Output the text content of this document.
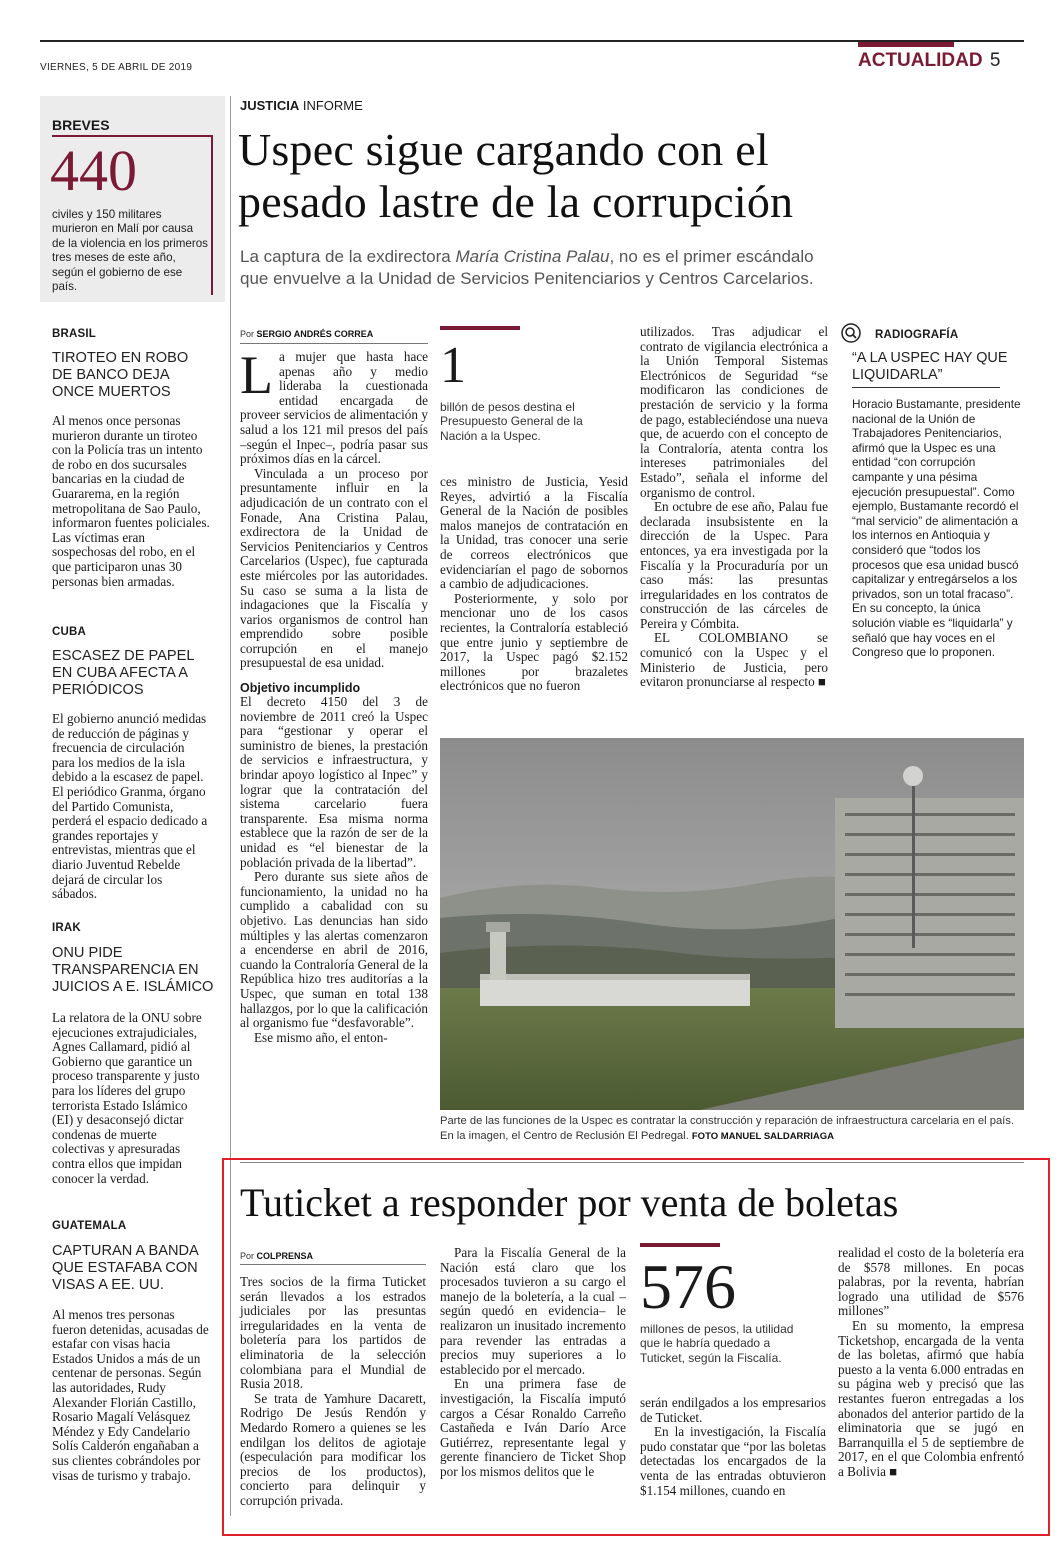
VIERNES, 5 DE ABRIL DE 2019	ACTUALIDAD 5
BREVES
440
civiles y 150 militares murieron en Malí por causa de la violencia en los primeros tres meses de este año, según el gobierno de ese país.
BRASIL
TIROTEO EN ROBO DE BANCO DEJA ONCE MUERTOS
Al menos once personas murieron durante un tiroteo con la Policía tras un intento de robo en dos sucursales bancarias en la ciudad de Guararema, en la región metropolitana de Sao Paulo, informaron fuentes policiales. Las víctimas eran sospechosas del robo, en el que participaron unas 30 personas bien armadas.
CUBA
ESCASEZ DE PAPEL EN CUBA AFECTA A PERIÓDICOS
El gobierno anunció medidas de reducción de páginas y frecuencia de circulación para los medios de la isla debido a la escasez de papel. El periódico Granma, órgano del Partido Comunista, perderá el espacio dedicado a grandes reportajes y entrevistas, mientras que el diario Juventud Rebelde dejará de circular los sábados.
IRAK
ONU PIDE TRANSPARENCIA EN JUICIOS A E. ISLÁMICO
La relatora de la ONU sobre ejecuciones extrajudiciales, Agnes Callamard, pidió al Gobierno que garantice un proceso transparente y justo para los líderes del grupo terrorista Estado Islámico (EI) y desaconsejó dictar condenas de muerte colectivas y apresuradas contra ellos que impidan conocer la verdad.
GUATEMALA
CAPTURAN A BANDA QUE ESTAFABA CON VISAS A EE. UU.
Al menos tres personas fueron detenidas, acusadas de estafar con visas hacia Estados Unidos a más de un centenar de personas. Según las autoridades, Rudy Alexander Florián Castillo, Rosario Magalí Velásquez Méndez y Edy Candelario Solís Calderón engañaban a sus clientes cobrándoles por visas de turismo y trabajo.
JUSTICIA INFORME
Uspec sigue cargando con el
pesado lastre de la corrupción
La captura de la exdirectora María Cristina Palau, no es el primer escándalo
que envuelve a la Unidad de Servicios Penitenciarios y Centros Carcelarios.
Por SERGIO ANDRÉS CORREA
L a mujer que hasta hace apenas año y medio lideraba la cuestionada entidad encargada de proveer servicios de alimentación y salud a los 121 mil presos del país –según el Inpec–, podría pasar sus próximos días en la cárcel.

Vinculada a un proceso por presuntamente influir en la adjudicación de un contrato con el Fonade, Ana Cristina Palau, exdirectora de la Unidad de Servicios Penitenciarios y Centros Carcelarios (Uspec), fue capturada este miércoles por las autoridades. Su caso se suma a la lista de indagaciones que la Fiscalía y varios organismos de control han emprendido sobre posible corrupción en el manejo presupuestal de esa unidad.

Objetivo incumplido

El decreto 4150 del 3 de noviembre de 2011 creó la Uspec para “gestionar y operar el suministro de bienes, la prestación de servicios e infraestructura, y brindar apoyo logístico al Inpec” y lograr que la contratación del sistema carcelario fuera transparente. Esa misma norma establece que la razón de ser de la unidad es “el bienestar de la población privada de la libertad”.

Pero durante sus siete años de funcionamiento, la unidad no ha cumplido a cabalidad con su objetivo. Las denuncias han sido múltiples y las alertas comenzaron a encenderse en abril de 2016, cuando la Contraloría General de la República hizo tres auditorías a la Uspec, que suman en total 138 hallazgos, por lo que la calificación al organismo fue “desfavorable”.

Ese mismo año, el enton-

1
billón de pesos destina el Presupuesto General de la Nación a la Uspec.

ces ministro de Justicia, Yesid Reyes, advirtió a la Fiscalía General de la Nación de posibles malos manejos de contratación en la Unidad, tras conocer una serie de correos electrónicos que evidenciarían el pago de sobornos a cambio de adjudicaciones.

Posteriormente, y solo por mencionar uno de los casos recientes, la Contraloría estableció que entre junio y septiembre de 2017, la Uspec pagó $2.152 millones por brazaletes electrónicos que no fueron

utilizados. Tras adjudicar el contrato de vigilancia electrónica a la Unión Temporal Sistemas Electrónicos de Seguridad “se modificaron las condiciones de prestación de servicio y la forma de pago, estableciéndose una nueva que, de acuerdo con el concepto de la Contraloría, atenta contra los intereses patrimoniales del Estado”, señala el informe del organismo de control.

En octubre de ese año, Palau fue declarada insubsistente en la dirección de la Uspec. Para entonces, ya era investigada por la Fiscalía y la Procuraduría por un caso más: las presuntas irregularidades en los contratos de construcción de las cárceles de Pereira y Cómbita.

EL COLOMBIANO se comunicó con la Uspec y el Ministerio de Justicia, pero evitaron pronunciarse al respecto ■

RADIOGRAFÍA
“A LA USPEC HAY QUE LIQUIDARLA”
Horacio Bustamante, presidente nacional de la Unión de Trabajadores Penitenciarios, afirmó que la Uspec es una entidad “con corrupción campante y una pésima ejecución presupuestal”. Como ejemplo, Bustamante recordó el “mal servicio” de alimentación a los internos en Antioquia y consideró que “todos los procesos que esa unidad buscó capitalizar y entregárselos a los privados, son un total fracaso”. En su concepto, la única solución viable es “liquidarla” y señaló que hay voces en el Congreso que lo proponen.
Parte de las funciones de la Uspec es contratar la construcción y reparación de infraestructura carcelaria en el país. En la imagen, el Centro de Reclusión El Pedregal. FOTO MANUEL SALDARRIAGA
Tuticket a responder por venta de boletas
Por COLPRENSA

Tres socios de la firma Tuticket serán llevados a los estrados judiciales por las presuntas irregularidades en la venta de boletería para los partidos de eliminatoria de la selección colombiana para el Mundial de Rusia 2018.

Se trata de Yamhure Dacarett, Rodrigo De Jesús Rendón y Medardo Romero a quienes se les endilgan los delitos de agiotaje (especulación para modificar los precios de los productos), concierto para delinquir y corrupción privada.

Para la Fiscalía General de la Nación está claro que los procesados tuvieron a su cargo el manejo de la boletería, a la cual –según quedó en evidencia– le realizaron un inusitado incremento para revender las entradas a precios muy superiores a lo establecido por el mercado.

En una primera fase de investigación, la Fiscalía imputó cargos a César Ronaldo Carreño Castañeda e Iván Darío Arce Gutiérrez, representante legal y gerente financiero de Ticket Shop por los mismos delitos que le

576
millones de pesos, la utilidad que le habría quedado a Tuticket, según la Fiscalía.

serán endilgados a los empresarios de Tuticket.

En la investigación, la Fiscalía pudo constatar que “por las boletas detectadas los encargados de la venta de las entradas obtuvieron $1.154 millones, cuando en

realidad el costo de la boletería era de $578 millones. En pocas palabras, por la reventa, habrían logrado una utilidad de $576 millones”

En su momento, la empresa Ticketshop, encargada de la venta de las boletas, afirmó que había puesto a la venta 6.000 entradas en su página web y precisó que las restantes fueron entregadas a los abonados del anterior partido de la eliminatoria que se jugó en Barranquilla el 5 de septiembre de 2017, en el que Colombia enfrentó a Bolivia ■
